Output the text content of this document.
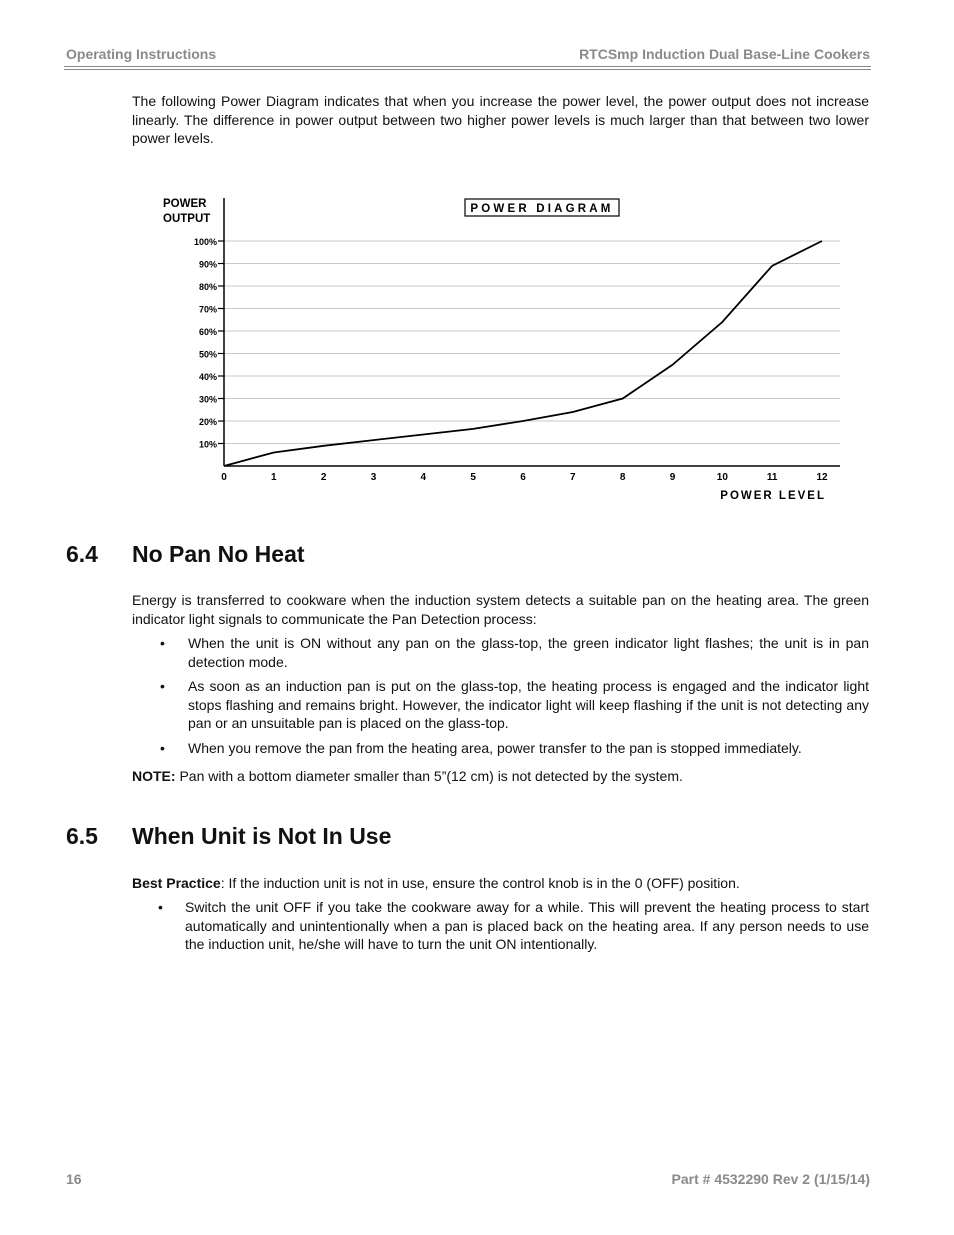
Operating Instructions	RTCSmp Induction Dual Base-Line Cookers

The following Power Diagram indicates that when you increase the power level, the power output does not increase linearly. The difference in power output between two higher power levels is much larger than that between two lower power levels.

POWER
OUTPUT
POWER DIAGRAM
POWER LEVEL
10%
20%
30%
40%
50%
60%
70%
80%
90%
100%
0	1	2	3	4	5	6	7	8	9	10	11	12
6.4 No Pan No Heat

Energy is transferred to cookware when the induction system detects a suitable pan on the heating area. The green indicator light signals to communicate the Pan Detection process:

• When the unit is ON without any pan on the glass-top, the green indicator light flashes; the unit is in pan detection mode.
• As soon as an induction pan is put on the glass-top, the heating process is engaged and the indicator light stops flashing and remains bright. However, the indicator light will keep flashing if the unit is not detecting any pan or an unsuitable pan is placed on the glass-top.
• When you remove the pan from the heating area, power transfer to the pan is stopped immediately.

NOTE: Pan with a bottom diameter smaller than 5”(12 cm) is not detected by the system.

6.5 When Unit is Not In Use

Best Practice: If the induction unit is not in use, ensure the control knob is in the 0 (OFF) position.

• Switch the unit OFF if you take the cookware away for a while. This will prevent the heating process to start automatically and unintentionally when a pan is placed back on the heating area. If any person needs to use the induction unit, he/she will have to turn the unit ON intentionally.
16	Part # 4532290 Rev 2 (1/15/14)
